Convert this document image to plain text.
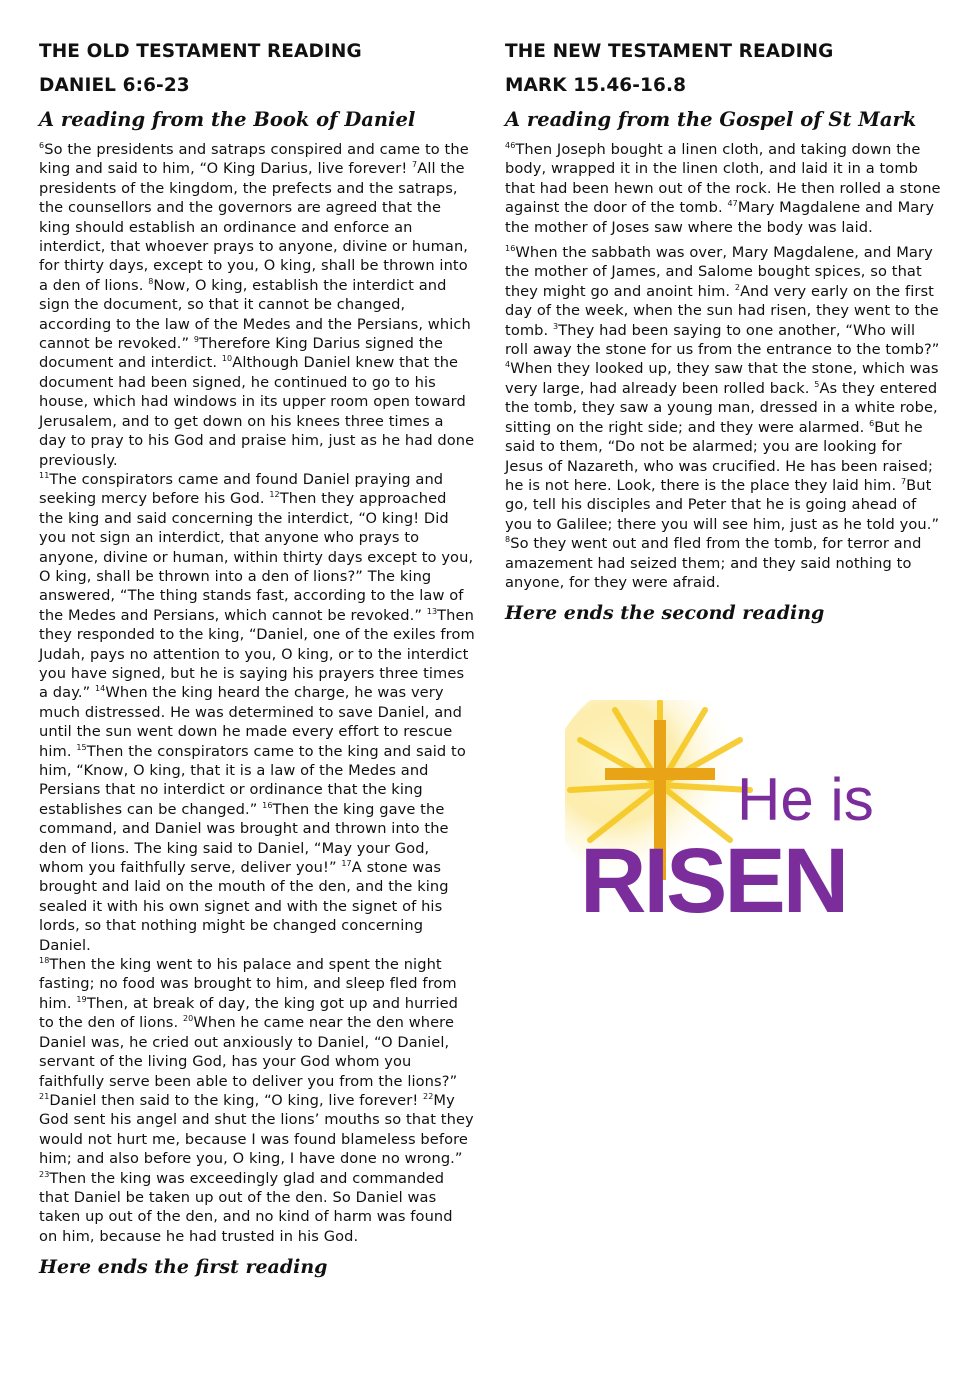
THE OLD TESTAMENT READING
DANIEL 6:6-23
A reading from the Book of Daniel

$^6$So the presidents and satraps conspired and came to the king and said to him, “O King Darius, live forever! $^7$All the presidents of the kingdom, the prefects and the satraps, the counsellors and the governors are agreed that the king should establish an ordinance and enforce an interdict, that whoever prays to anyone, divine or human, for thirty days, except to you, O king, shall be thrown into a den of lions. $^8$Now, O king, establish the interdict and sign the document, so that it cannot be changed, according to the law of the Medes and the Persians, which cannot be revoked.” $^9$Therefore King Darius signed the document and interdict. $^{10}$Although Daniel knew that the document had been signed, he continued to go to his house, which had windows in its upper room open toward Jerusalem, and to get down on his knees three times a day to pray to his God and praise him, just as he had done previously.

$^{11}$The conspirators came and found Daniel praying and seeking mercy before his God. $^{12}$Then they approached the king and said concerning the interdict, “O king! Did you not sign an interdict, that anyone who prays to anyone, divine or human, within thirty days except to you, O king, shall be thrown into a den of lions?” The king answered, “The thing stands fast, according to the law of the Medes and Persians, which cannot be revoked.” $^{13}$Then they responded to the king, “Daniel, one of the exiles from Judah, pays no attention to you, O king, or to the interdict you have signed, but he is saying his prayers three times a day.” $^{14}$When the king heard the charge, he was very much distressed. He was determined to save Daniel, and until the sun went down he made every effort to rescue him. $^{15}$Then the conspirators came to the king and said to him, “Know, O king, that it is a law of the Medes and Persians that no interdict or ordinance that the king establishes can be changed.” $^{16}$Then the king gave the command, and Daniel was brought and thrown into the den of lions. The king said to Daniel, “May your God, whom you faithfully serve, deliver you!” $^{17}$A stone was brought and laid on the mouth of the den, and the king sealed it with his own signet and with the signet of his lords, so that nothing might be changed concerning Daniel.

$^{18}$Then the king went to his palace and spent the night fasting; no food was brought to him, and sleep fled from him. $^{19}$Then, at break of day, the king got up and hurried to the den of lions. $^{20}$When he came near the den where Daniel was, he cried out anxiously to Daniel, “O Daniel, servant of the living God, has your God whom you faithfully serve been able to deliver you from the lions?” $^{21}$Daniel then said to the king, “O king, live forever! $^{22}$My God sent his angel and shut the lions’ mouths so that they would not hurt me, because I was found blameless before him; and also before you, O king, I have done no wrong.” $^{23}$Then the king was exceedingly glad and commanded that Daniel be taken up out of the den. So Daniel was taken up out of the den, and no kind of harm was found on him, because he had trusted in his God.

Here ends the first reading
THE NEW TESTAMENT READING
MARK 15.46-16.8
A reading from the Gospel of St Mark

$^{46}$Then Joseph bought a linen cloth, and taking down the body, wrapped it in the linen cloth, and laid it in a tomb that had been hewn out of the rock. He then rolled a stone against the door of the tomb. $^{47}$Mary Magdalene and Mary the mother of Joses saw where the body was laid.

$^{16}$When the sabbath was over, Mary Magdalene, and Mary the mother of James, and Salome bought spices, so that they might go and anoint him. $^2$And very early on the first day of the week, when the sun had risen, they went to the tomb. $^3$They had been saying to one another, “Who will roll away the stone for us from the entrance to the tomb?” $^4$When they looked up, they saw that the stone, which was very large, had already been rolled back. $^5$As they entered the tomb, they saw a young man, dressed in a white robe, sitting on the right side; and they were alarmed. $^6$But he said to them, “Do not be alarmed; you are looking for Jesus of Nazareth, who was crucified. He has been raised; he is not here. Look, there is the place they laid him. $^7$But go, tell his disciples and Peter that he is going ahead of you to Galilee; there you will see him, just as he told you.” $^8$So they went out and fled from the tomb, for terror and amazement had seized them; and they said nothing to anyone, for they were afraid.

Here ends the second reading
He is
RISEN
